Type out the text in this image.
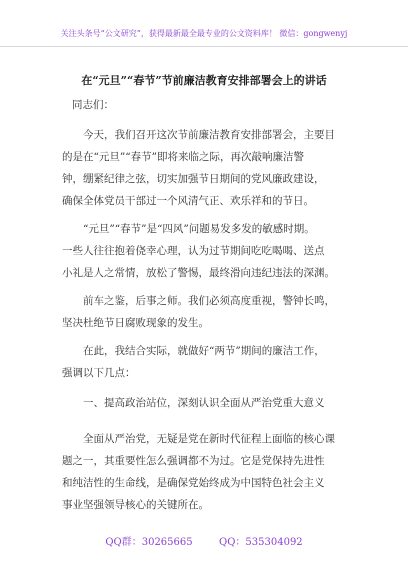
关注头条号“公文研究”，获得最新最全最专业的公文资料库！ 微信：gongwenyj
在“元旦”“春节”节前廉洁教育安排部署会上的讲话
同志们：
　　今天，我们召开这次节前廉洁教育安排部署会，主要目
的是在“元旦”“春节”即将来临之际，再次敲响廉洁警
钟，绷紧纪律之弦，切实加强节日期间的党风廉政建设，
确保全体党员干部过一个风清气正、欢乐祥和的节日。
　　“元旦”“春节”是“四风”问题易发多发的敏感时期。
一些人往往抱着侥幸心理，认为过节期间吃吃喝喝、送点
小礼是人之常情，放松了警惕，最终滑向违纪违法的深渊。
　　前车之鉴，后事之师。我们必须高度重视，警钟长鸣，
坚决杜绝节日腐败现象的发生。
　　在此，我结合实际，就做好“两节”期间的廉洁工作，
强调以下几点：
　　一、提高政治站位，深刻认识全面从严治党重大意义
　　全面从严治党，无疑是党在新时代征程上面临的核心课
题之一，其重要性怎么强调都不为过。它是党保持先进性
和纯洁性的生命线，是确保党始终成为中国特色社会主义
事业坚强领导核心的关键所在。
QQ群：30265665	QQ：535304092
